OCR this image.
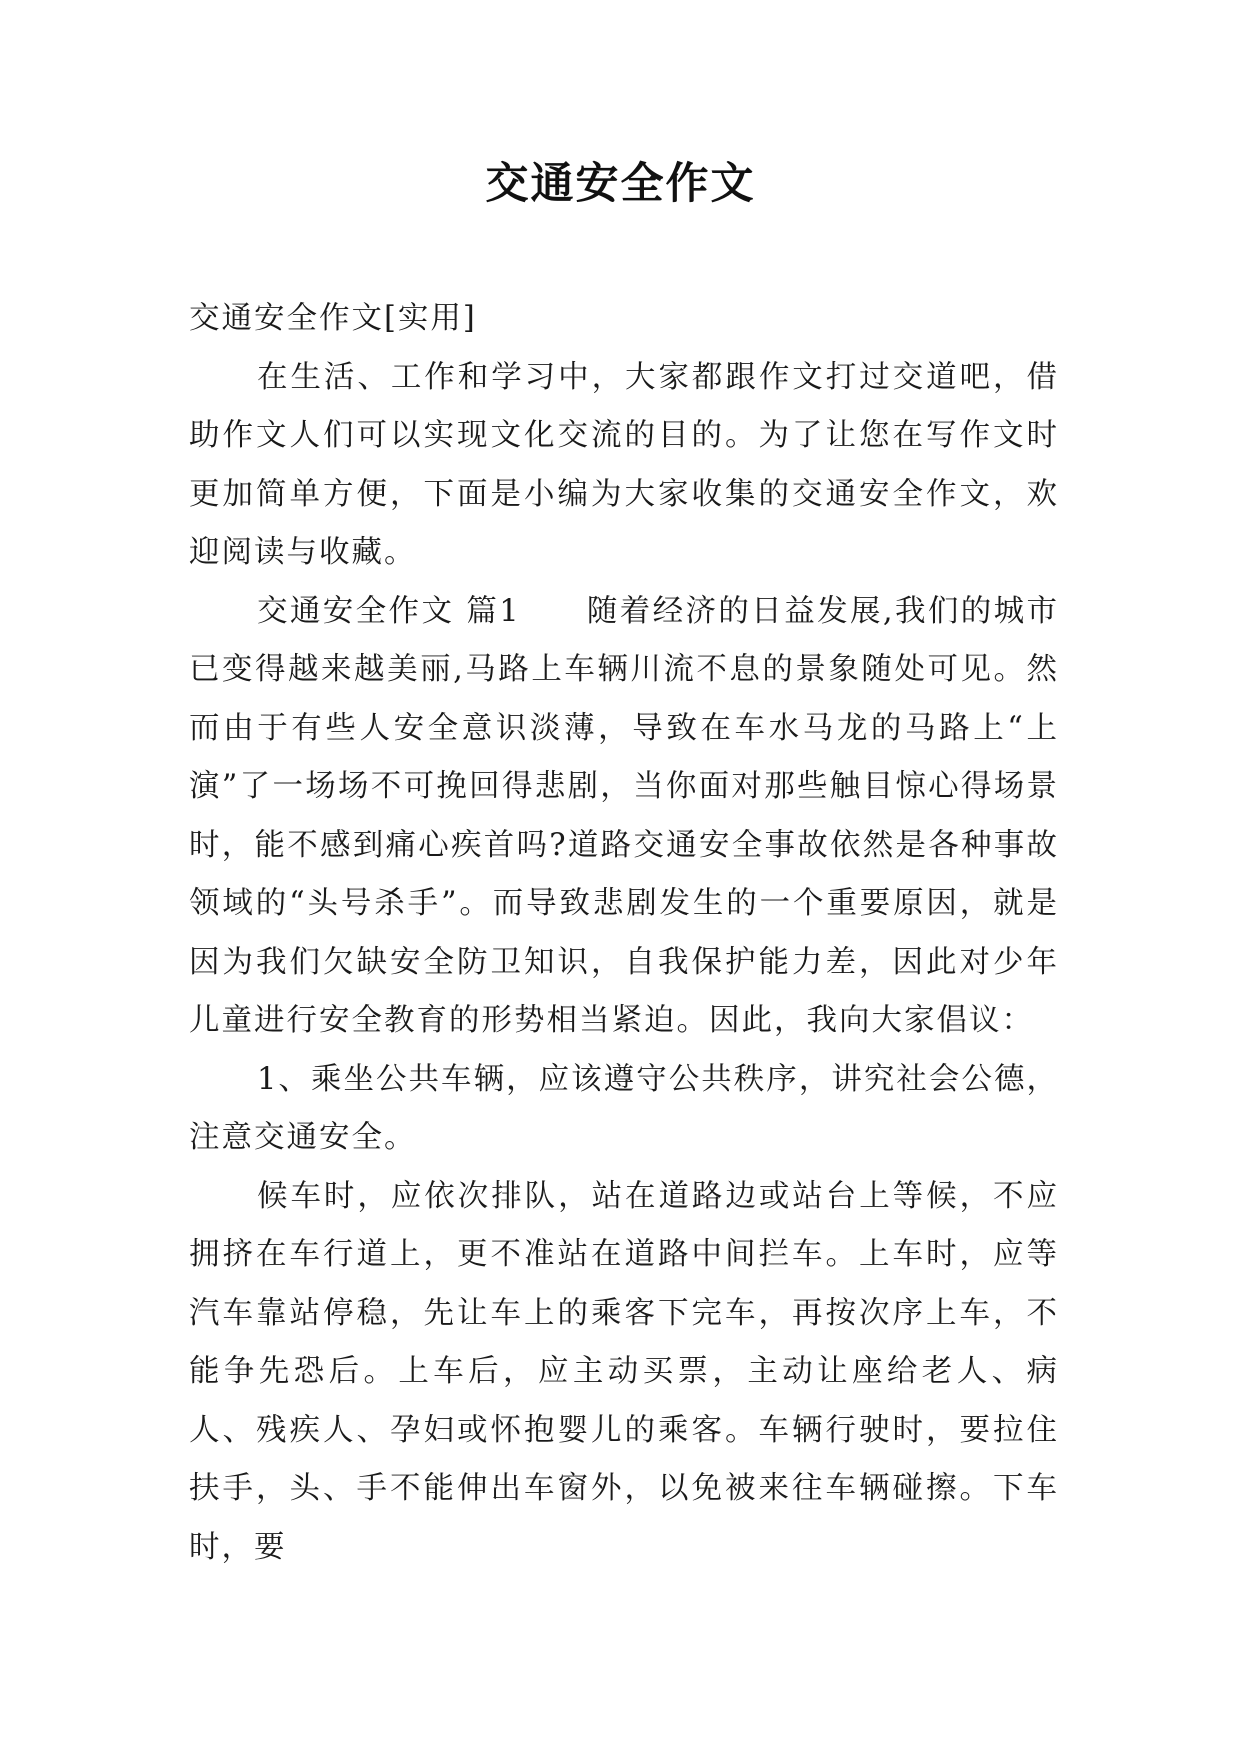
交通安全作文

交通安全作文[实用]

在生活、工作和学习中，大家都跟作文打过交道吧，借助作文人们可以实现文化交流的目的。为了让您在写作文时更加简单方便，下面是小编为大家收集的交通安全作文，欢迎阅读与收藏。

交通安全作文 篇1　　随着经济的日益发展,我们的城市已变得越来越美丽,马路上车辆川流不息的景象随处可见。然而由于有些人安全意识淡薄，导致在车水马龙的马路上“上演”了一场场不可挽回得悲剧，当你面对那些触目惊心得场景时，能不感到痛心疾首吗?道路交通安全事故依然是各种事故领域的“头号杀手”。而导致悲剧发生的一个重要原因，就是因为我们欠缺安全防卫知识，自我保护能力差，因此对少年儿童进行安全教育的形势相当紧迫。因此，我向大家倡议：

1、乘坐公共车辆，应该遵守公共秩序，讲究社会公德，注意交通安全。

候车时，应依次排队，站在道路边或站台上等候，不应拥挤在车行道上，更不准站在道路中间拦车。上车时，应等汽车靠站停稳，先让车上的乘客下完车，再按次序上车，不能争先恐后。上车后，应主动买票，主动让座给老人、病人、残疾人、孕妇或怀抱婴儿的乘客。车辆行驶时，要拉住扶手，头、手不能伸出车窗外，以免被来往车辆碰擦。下车时，要
